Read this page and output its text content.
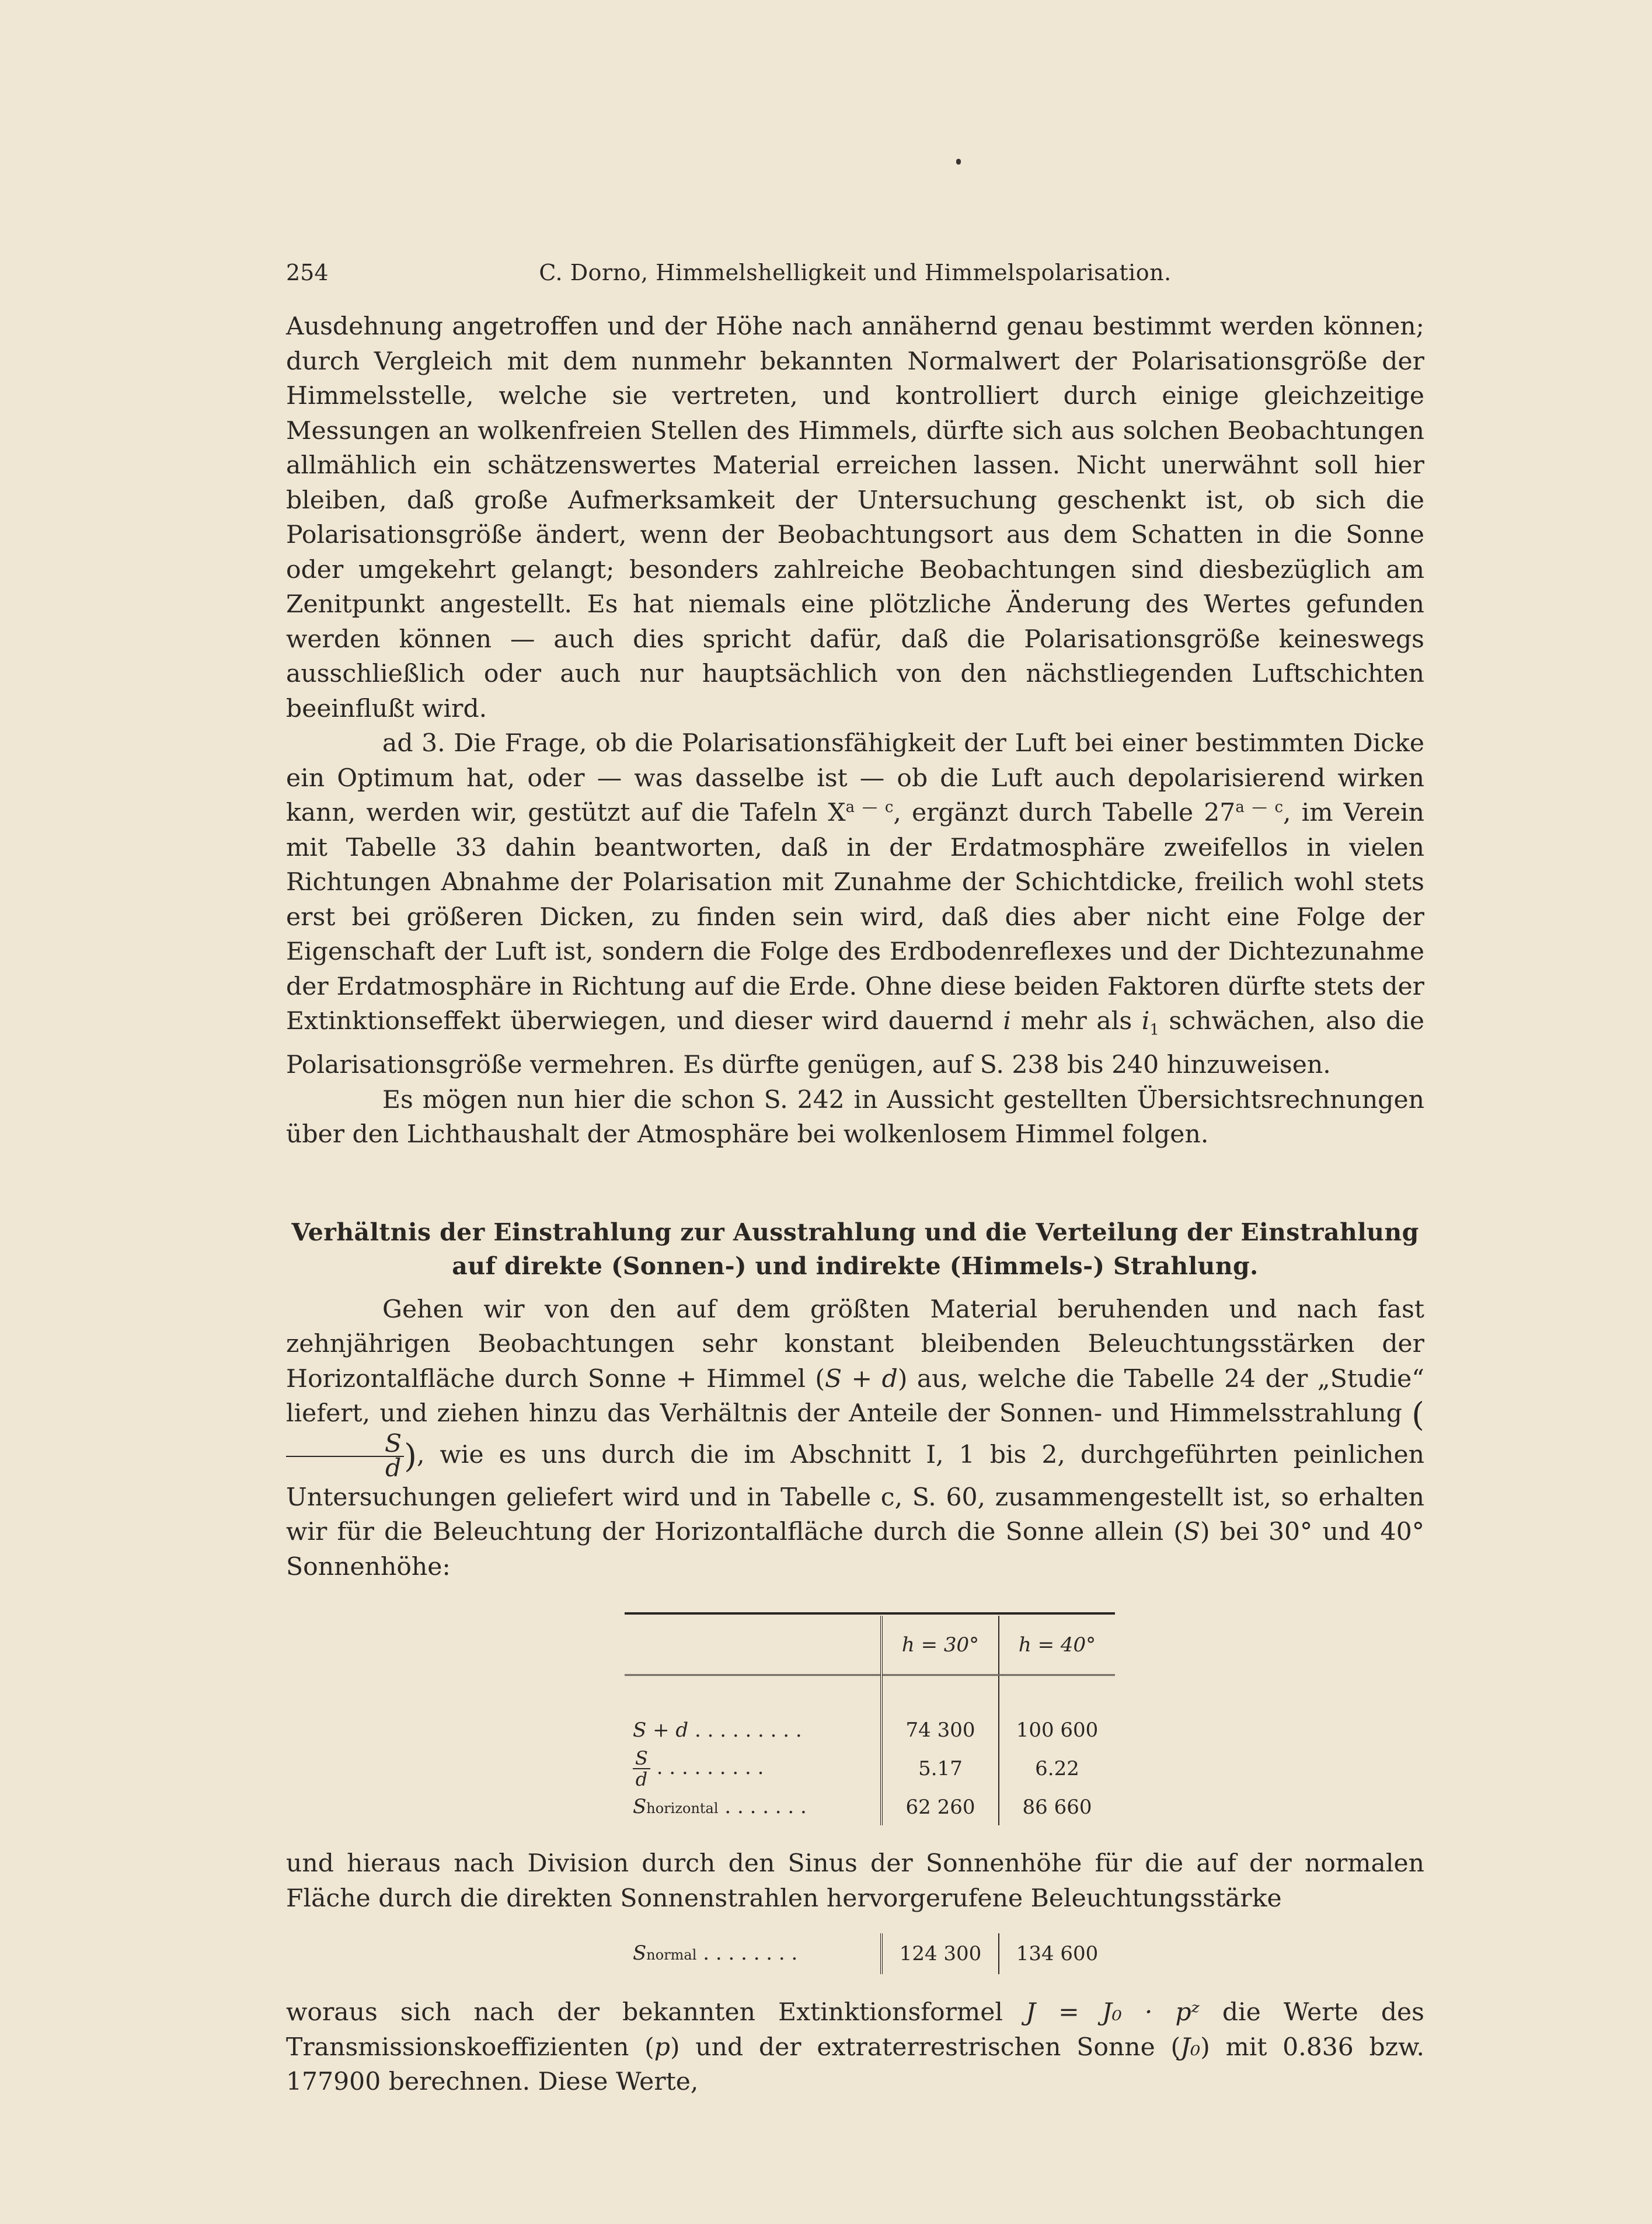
254	C. Dorno, Himmelshelligkeit und Himmelspolarisation.

Ausdehnung angetroffen und der Höhe nach annähernd genau bestimmt werden können; durch Vergleich mit dem nunmehr bekannten Normalwert der Polarisationsgröße der Himmelsstelle, welche sie vertreten, und kontrolliert durch einige gleichzeitige Messungen an wolkenfreien Stellen des Himmels, dürfte sich aus solchen Beobachtungen allmählich ein schätzenswertes Material erreichen lassen. Nicht unerwähnt soll hier bleiben, daß große Aufmerksamkeit der Untersuchung geschenkt ist, ob sich die Polarisationsgröße ändert, wenn der Beobachtungsort aus dem Schatten in die Sonne oder umgekehrt gelangt; besonders zahlreiche Beobachtungen sind diesbezüglich am Zenitpunkt angestellt. Es hat niemals eine plötzliche Änderung des Wertes gefunden werden können — auch dies spricht dafür, daß die Polarisationsgröße keineswegs ausschließlich oder auch nur hauptsächlich von den nächstliegenden Luftschichten beeinflußt wird.

ad 3. Die Frage, ob die Polarisationsfähigkeit der Luft bei einer bestimmten Dicke ein Optimum hat, oder — was dasselbe ist — ob die Luft auch depolarisierend wirken kann, werden wir, gestützt auf die Tafeln $X^{a — c}$, ergänzt durch Tabelle $27^{a — c}$, im Verein mit Tabelle 33 dahin beantworten, daß in der Erdatmosphäre zweifellos in vielen Richtungen Abnahme der Polarisation mit Zunahme der Schichtdicke, freilich wohl stets erst bei größeren Dicken, zu finden sein wird, daß dies aber nicht eine Folge der Eigenschaft der Luft ist, sondern die Folge des Erdbodenreflexes und der Dichtezunahme der Erdatmosphäre in Richtung auf die Erde. Ohne diese beiden Faktoren dürfte stets der Extinktionseffekt überwiegen, und dieser wird dauernd i mehr als $i_1$ schwächen, also die Polarisationsgröße vermehren. Es dürfte genügen, auf S. 238 bis 240 hinzuweisen.

Es mögen nun hier die schon S. 242 in Aussicht gestellten Übersichtsrechnungen über den Lichthaushalt der Atmosphäre bei wolkenlosem Himmel folgen.

Verhältnis der Einstrahlung zur Ausstrahlung und die Verteilung der Einstrahlung auf direkte (Sonnen-) und indirekte (Himmels-) Strahlung.

Gehen wir von den auf dem größten Material beruhenden und nach fast zehnjährigen Beobachtungen sehr konstant bleibenden Beleuchtungsstärken der Horizontalfläche durch Sonne + Himmel (S + d) aus, welche die Tabelle 24 der „Studie“ liefert, und ziehen hinzu das Verhältnis der Anteile der Sonnen- und Himmelsstrahlung (
$\frac{S}{d}$ ), wie es uns durch die im Abschnitt I, 1 bis 2, durchgeführten peinlichen Untersuchungen geliefert wird und in Tabelle c, S. 60, zusammengestellt ist, so erhalten wir für die Beleuchtung der Horizontalfläche durch die Sonne allein (S) bei 30° und 40° Sonnenhöhe:

	h = 30°	h = 40°

S + d . . . . . . . . .	74 300	100 600

$\frac{S}{d}$ . . . . . . . . .	5.17	6.22
Shorizontal . . . . . . .	62 260	86 660

und hieraus nach Division durch den Sinus der Sonnenhöhe für die auf der normalen Fläche durch die direkten Sonnenstrahlen hervorgerufene Beleuchtungsstärke

Snormal . . . . . . . .	124 300	134 600

woraus sich nach der bekannten Extinktionsformel J = J₀ · pᶻ die Werte des Transmissionskoeffizienten (p) und der extraterrestrischen Sonne (J₀) mit 0.836 bzw. 177900 berechnen. Diese Werte,
